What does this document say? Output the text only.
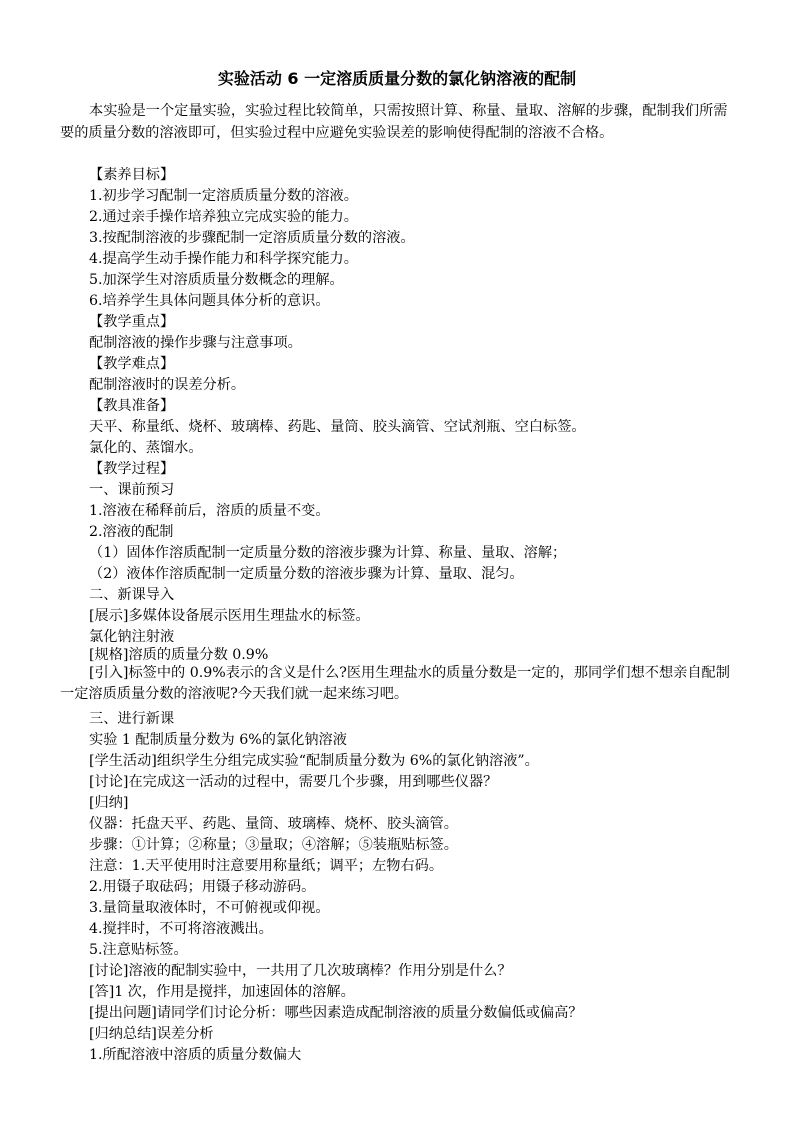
实验活动 6 一定溶质质量分数的氯化钠溶液的配制
本实验是一个定量实验，实验过程比较简单，只需按照计算、称量、量取、溶解的步骤，配制我们所需要的质量分数的溶液即可，但实验过程中应避免实验误差的影响使得配制的溶液不合格。
【素养目标】
1.初步学习配制一定溶质质量分数的溶液。
2.通过亲手操作培养独立完成实验的能力。
3.按配制溶液的步骤配制一定溶质质量分数的溶液。
4.提高学生动手操作能力和科学探究能力。
5.加深学生对溶质质量分数概念的理解。
6.培养学生具体问题具体分析的意识。
【教学重点】
配制溶液的操作步骤与注意事项。
【教学难点】
配制溶液时的误差分析。
【教具准备】
天平、称量纸、烧杯、玻璃棒、药匙、量筒、胶头滴管、空试剂瓶、空白标签。
氯化的、蒸馏水。
【教学过程】
一、课前预习
1.溶液在稀释前后，溶质的质量不变。
2.溶液的配制
（1）固体作溶质配制一定质量分数的溶液步骤为计算、称量、量取、溶解；
（2）液体作溶质配制一定质量分数的溶液步骤为计算、量取、混匀。
二、新课导入
[展示]多媒体设备展示医用生理盐水的标签。
氯化钠注射液
[规格]溶质的质量分数 0.9%
[引入]标签中的 0.9%表示的含义是什么?医用生理盐水的质量分数是一定的，那同学们想不想亲自配制一定溶质质量分数的溶液呢?今天我们就一起来练习吧。
三、进行新课
实验 1 配制质量分数为 6%的氯化钠溶液
[学生活动]组织学生分组完成实验“配制质量分数为 6%的氯化钠溶液”。
[讨论]在完成这一活动的过程中，需要几个步骤，用到哪些仪器？
[归纳]
仪器：托盘天平、药匙、量筒、玻璃棒、烧杯、胶头滴管。
步骤：①计算；②称量；③量取；④溶解；⑤装瓶贴标签。
注意：1.天平使用时注意要用称量纸；调平；左物右码。
2.用镊子取砝码；用镊子移动游码。
3.量筒量取液体时，不可俯视或仰视。
4.搅拌时，不可将溶液溅出。
5.注意贴标签。
[讨论]溶液的配制实验中，一共用了几次玻璃棒？作用分别是什么？
[答]1 次，作用是搅拌，加速固体的溶解。
[提出问题]请同学们讨论分析：哪些因素造成配制溶液的质量分数偏低或偏高？
[归纳总结]误差分析
1.所配溶液中溶质的质量分数偏大
